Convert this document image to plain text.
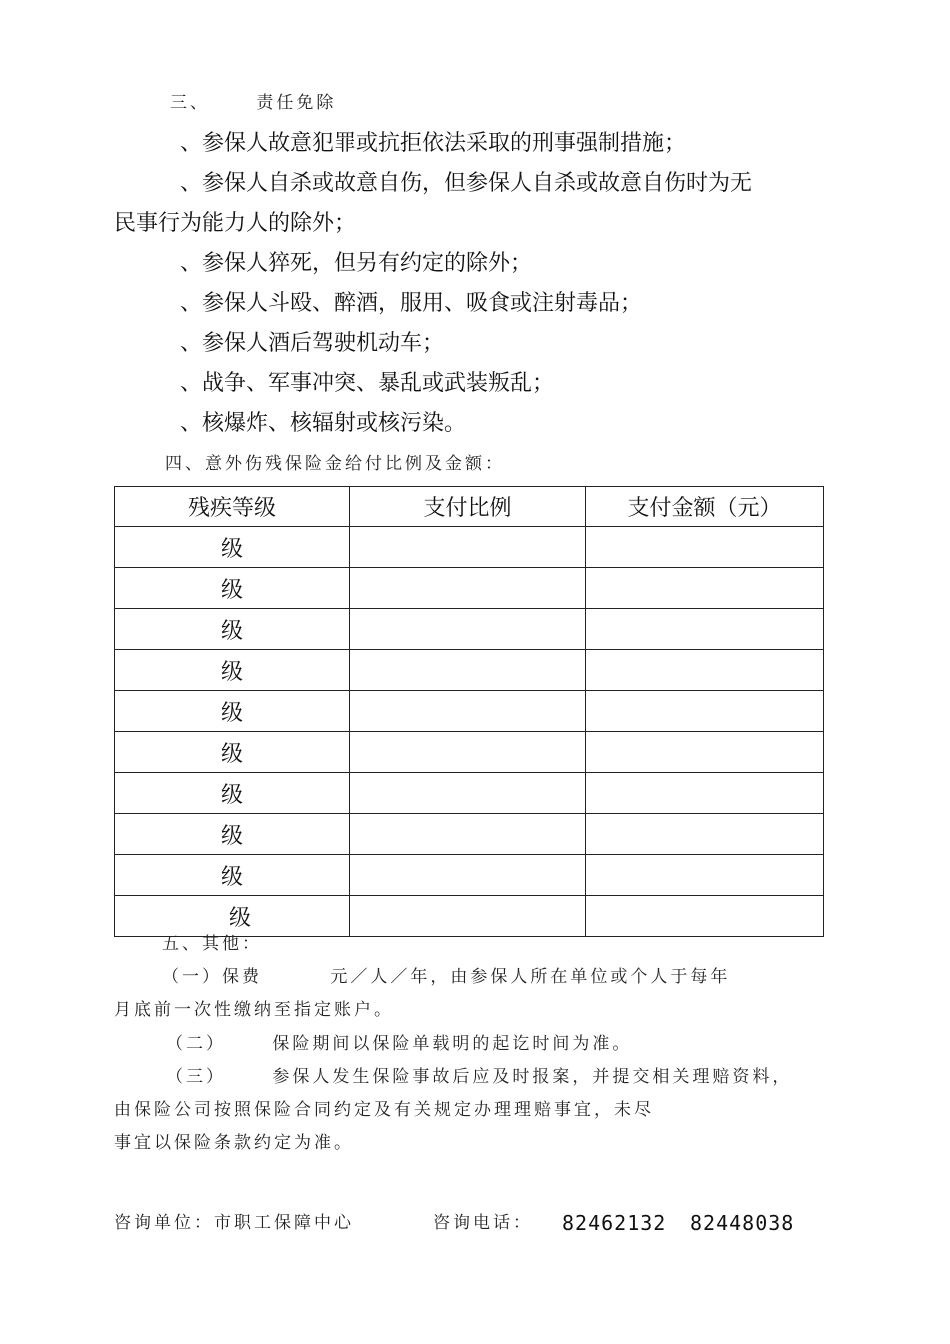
三、	责任免除
、参保人故意犯罪或抗拒依法采取的刑事强制措施；
、参保人自杀或故意自伤，但参保人自杀或故意自伤时为无
民事行为能力人的除外；
、参保人猝死，但另有约定的除外；
、参保人斗殴、醉酒，服用、吸食或注射毒品；
、参保人酒后驾驶机动车；
、战争、军事冲突、暴乱或武装叛乱；
、核爆炸、核辐射或核污染。
四、意外伤残保险金给付比例及金额：
残疾等级	支付比例	支付金额（元）
级		
级		
级		
级		
级		
级		
级		
级		
级		
级		
五、其他：
（一）保费	元／人／年，由参保人所在单位或个人于每年
月底前一次性缴纳至指定账户。
（二）	保险期间以保险单载明的起讫时间为准。
（三）	参保人发生保险事故后应及时报案，并提交相关理赔资料，
由保险公司按照保险合同约定及有关规定办理理赔事宜，未尽
事宜以保险条款约定为准。
咨询单位：市职工保障中心	咨询电话： 82462132 82448038
